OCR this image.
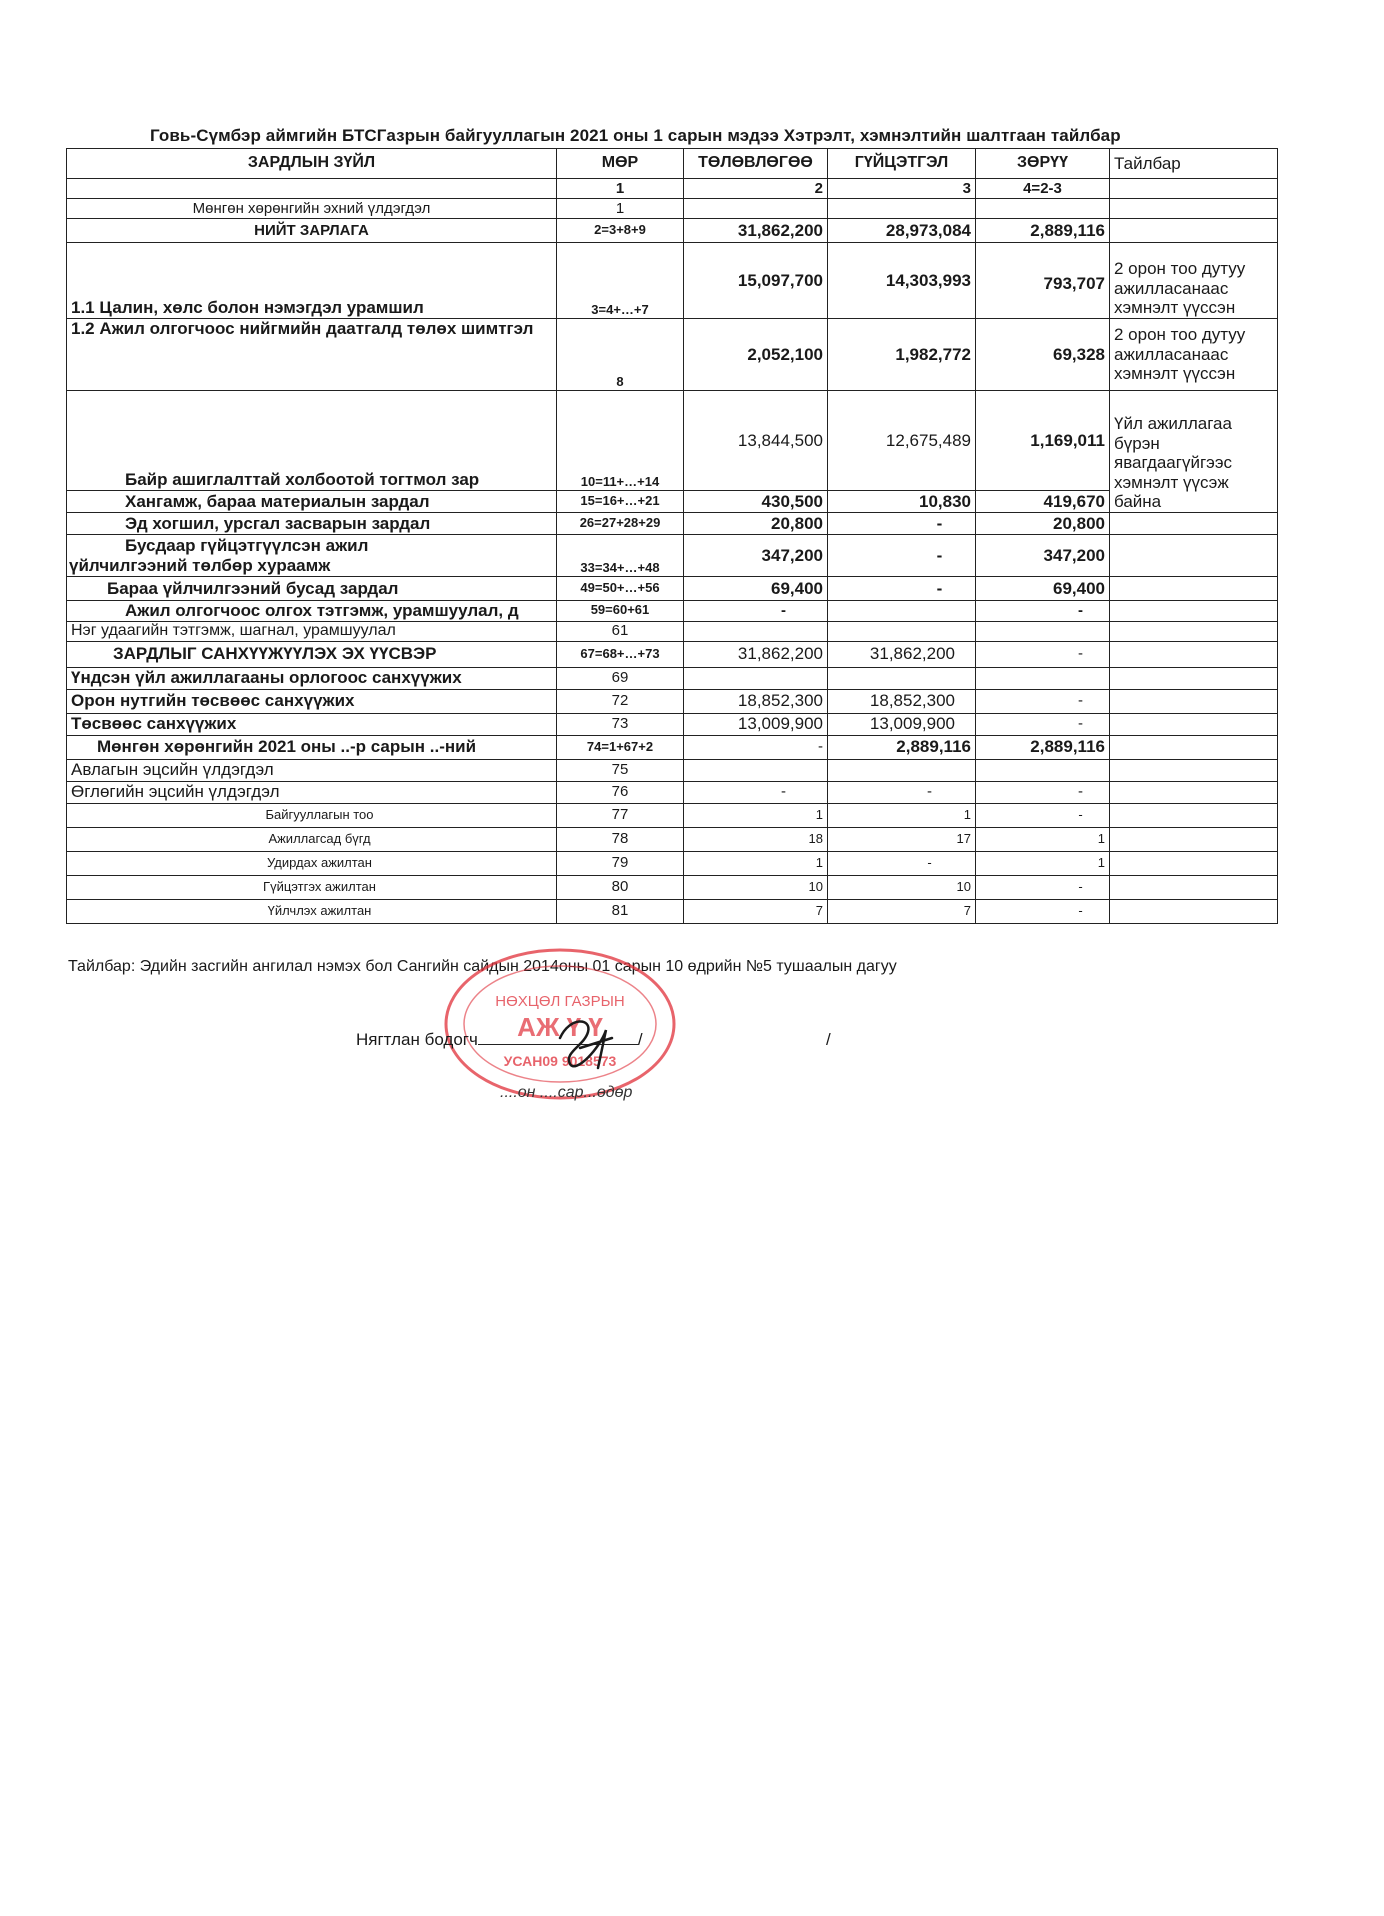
Говь-Сүмбэр аймгийн БТСГазрын байгууллагын 2021 оны 1 сарын мэдээ Хэтрэлт, хэмнэлтийн шалтгаан тайлбар
ЗАРДЛЫН ЗҮЙЛ	МӨР	ТӨЛӨВЛӨГӨӨ	ГҮЙЦЭТГЭЛ	ЗӨРҮҮ	Тайлбар
	1	2	3	4=2-3	
Мөнгөн хөрөнгийн эхний үлдэгдэл	1				
НИЙТ ЗАРЛАГА	2=3+8+9	31,862,200	28,973,084	2,889,116	
1.1 Цалин, хөлс болон нэмэгдэл урамшил	3=4+…+7	15,097,700	14,303,993	793,707	2 орон тоо дутуу ажилласанаас хэмнэлт үүссэн
1.2 Ажил олгогчоос нийгмийн даатгалд төлөх шимтгэл	8	2,052,100	1,982,772	69,328	2 орон тоо дутуу ажилласанаас хэмнэлт үүссэн
Байр ашиглалттай холбоотой тогтмол зар	10=11+…+14	13,844,500	12,675,489	1,169,011	Үйл ажиллагаа бүрэн явагдаагүйгээс хэмнэлт үүсэж байна
Хангамж, бараа материалын зардал	15=16+…+21	430,500	10,830	419,670	
Эд хогшил, урсгал засварын зардал	26=27+28+29	20,800	-	20,800	

Бусдаар гүйцэтгүүлсэн ажил
үйлчилгээний төлбөр хураамж	33=34+…+48	347,200	-	347,200	
Бараа үйлчилгээний бусад зардал	49=50+…+56	69,400	-	69,400	
Ажил олгогчоос олгох тэтгэмж, урамшуулал, д	59=60+61	-		-	
Нэг удаагийн тэтгэмж, шагнал, урамшуулал	61				
ЗАРДЛЫГ САНХҮҮЖҮҮЛЭХ ЭХ ҮҮСВЭР	67=68+…+73	31,862,200	31,862,200	-	
Үндсэн үйл ажиллагааны орлогоос санхүүжих	69				
Орон нутгийн төсвөөс санхүүжих	72	18,852,300	18,852,300	-	
Төсвөөс санхүүжих	73	13,009,900	13,009,900	-	
Мөнгөн хөрөнгийн 2021 оны ..-р сарын ..-ний	74=1+67+2	-	2,889,116	2,889,116	
Авлагын эцсийн үлдэгдэл	75				
Өглөгийн эцсийн үлдэгдэл	76	-	-	-	
Байгууллагын тоо	77	1	1	-	
Ажиллагсад бүгд	78	18	17	1	
Удирдах ажилтан	79	1	-	1	
Гүйцэтгэх ажилтан	80	10	10	-	
Үйлчлэх ажилтан	81	7	7	-	
Тайлбар: Эдийн засгийн ангилал нэмэх бол Сангийн сайдын 2014оны 01 сарын 10 өдрийн №5 тушаалын дагуу
НӨХЦӨЛ ГАЗРЫН
АЖ Ү Ү
УСАН09 9018573
Нягтлан бодогч	/	/
....он ....сар...өдөр
